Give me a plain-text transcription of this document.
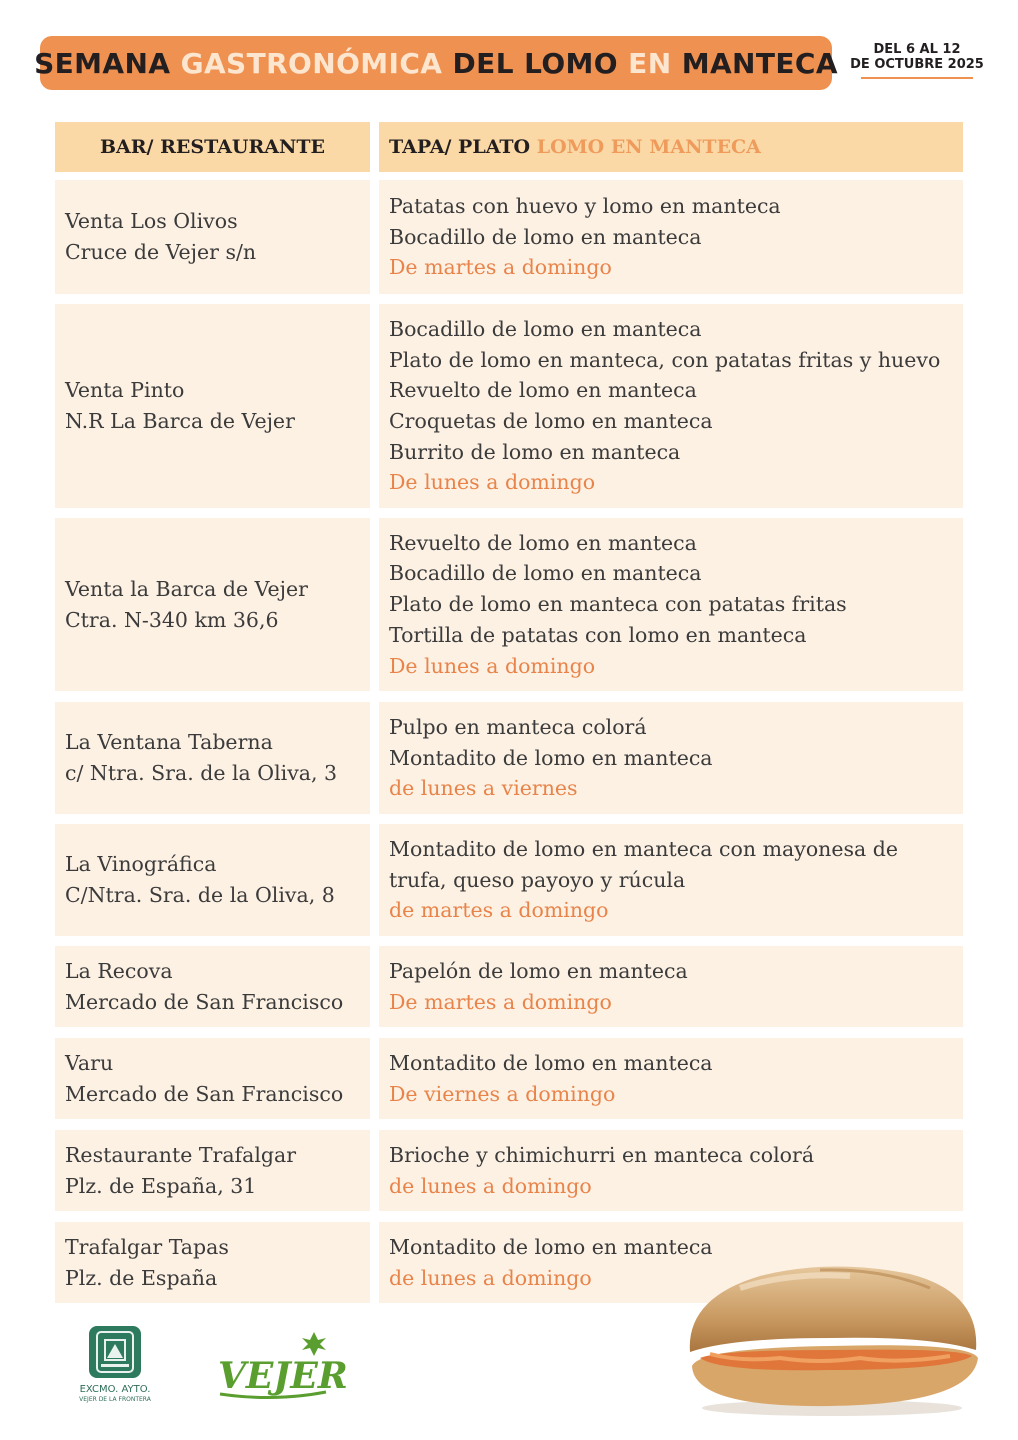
SEMANA GASTRONÓMICA DEL LOMO EN MANTECA	DEL 6 AL 12
DE OCTUBRE 2025
BAR/ RESTAURANTE	TAPA/ PLATO
LOMO EN MANTECA
Venta Los Olivos
Cruce de Vejer s/n
Patatas con huevo y lomo en manteca
Bocadillo de lomo en manteca
De martes a domingo
Venta Pinto
N.R La Barca de Vejer
Bocadillo de lomo en manteca
Plato de lomo en manteca, con patatas fritas y huevo
Revuelto de lomo en manteca
Croquetas de lomo en manteca
Burrito de lomo en manteca
De lunes a domingo
Venta la Barca de Vejer
Ctra. N-340 km 36,6
Revuelto de lomo en manteca
Bocadillo de lomo en manteca
Plato de lomo en manteca con patatas fritas
Tortilla de patatas con lomo en manteca
De lunes a domingo
La Ventana Taberna
c/ Ntra. Sra. de la Oliva, 3
Pulpo en manteca colorá
Montadito de lomo en manteca
de lunes a viernes
La Vinográfica
C/Ntra. Sra. de la Oliva, 8
Montadito de lomo en manteca con mayonesa de
trufa, queso payoyo y rúcula
de martes a domingo
La Recova
Mercado de San Francisco
Papelón de lomo en manteca
De martes a domingo
Varu
Mercado de San Francisco
Montadito de lomo en manteca
De viernes a domingo
Restaurante Trafalgar
Plz. de España, 31
Brioche y chimichurri en manteca colorá
de lunes a domingo
Trafalgar Tapas
Plz. de España
Montadito de lomo en manteca
de lunes a domingo
EXCMO. AYTO.
VEJER DE LA FRONTERA
VEJER
